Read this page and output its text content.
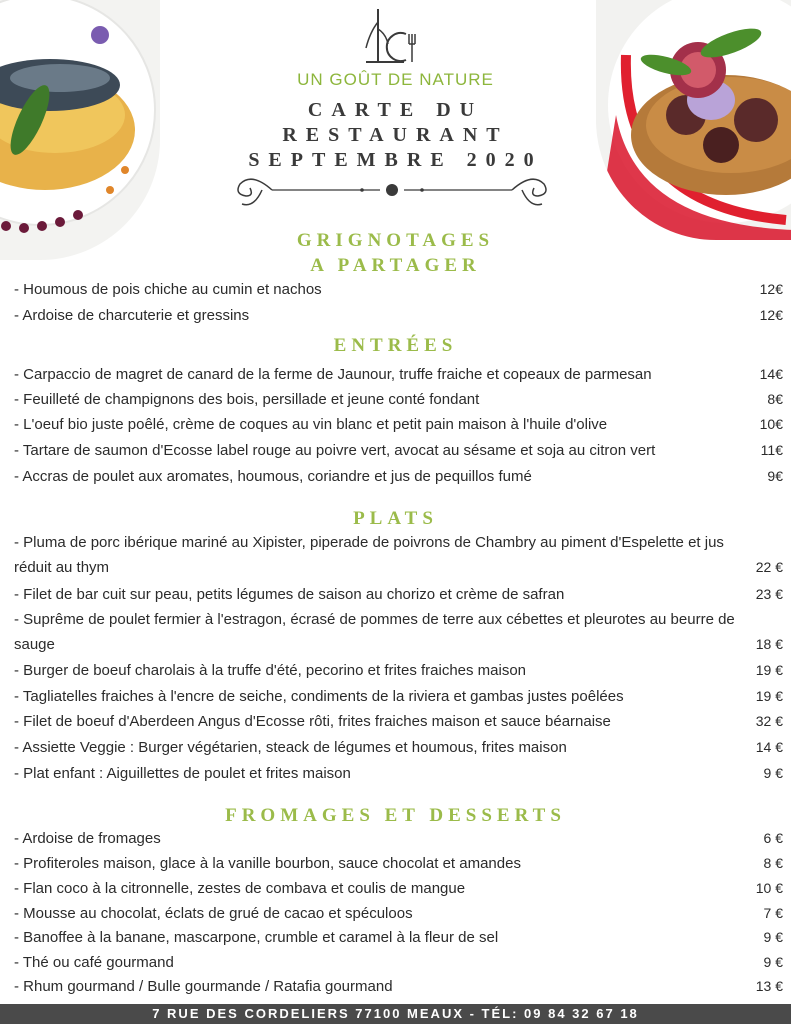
UN GOÛT DE NATURE
CARTE DU
RESTAURANT
SEPTEMBRE 2020
GRIGNOTAGES
A PARTAGER
- Houmous de pois chiche au cumin et nachos	12€
- Ardoise de charcuterie et gressins	12€
ENTRÉES
- Carpaccio de magret de canard de la ferme de Jaunour, truffe fraiche et copeaux de parmesan	14€
- Feuilleté de champignons des bois, persillade et jeune conté fondant	8€
- L'oeuf bio juste poêlé, crème de coques au vin blanc et petit pain maison à l'huile d'olive	10€
- Tartare de saumon d'Ecosse label rouge au poivre vert, avocat au sésame et soja au citron vert	11€
- Accras de poulet aux aromates, houmous, coriandre et jus de pequillos fumé	9€
PLATS
- Pluma de porc ibérique mariné au Xipister, piperade de poivrons de Chambry au piment d'Espelette et jus réduit au thym	22 €
- Filet de bar cuit sur peau, petits légumes de saison au chorizo et crème de safran	23 €
- Suprême de poulet fermier à l'estragon, écrasé de pommes de terre aux cébettes et pleurotes au beurre de sauge	18 €
- Burger de boeuf charolais à la truffe d'été, pecorino et frites fraiches maison	19 €
- Tagliatelles fraiches à l'encre de seiche, condiments de la riviera et gambas justes poêlées	19 €
- Filet de boeuf d'Aberdeen Angus d'Ecosse rôti, frites fraiches maison et sauce béarnaise	32 €
- Assiette Veggie : Burger végétarien, steack de légumes et houmous, frites maison	14 €
- Plat enfant : Aiguillettes de poulet et frites maison	9 €
FROMAGES ET DESSERTS
- Ardoise de fromages	6 €
- Profiteroles maison, glace à la vanille bourbon, sauce chocolat et amandes	8 €
- Flan coco à la citronnelle, zestes de combava et coulis de mangue	10 €
- Mousse au chocolat, éclats de grué de cacao et spéculoos	7 €
- Banoffee à la banane, mascarpone, crumble et caramel à la fleur de sel	9 €
- Thé ou café gourmand	9 €
- Rhum gourmand / Bulle gourmande / Ratafia gourmand	13 €
7 RUE DES CORDELIERS 77100 MEAUX - TÉL: 09 84 32 67 18
